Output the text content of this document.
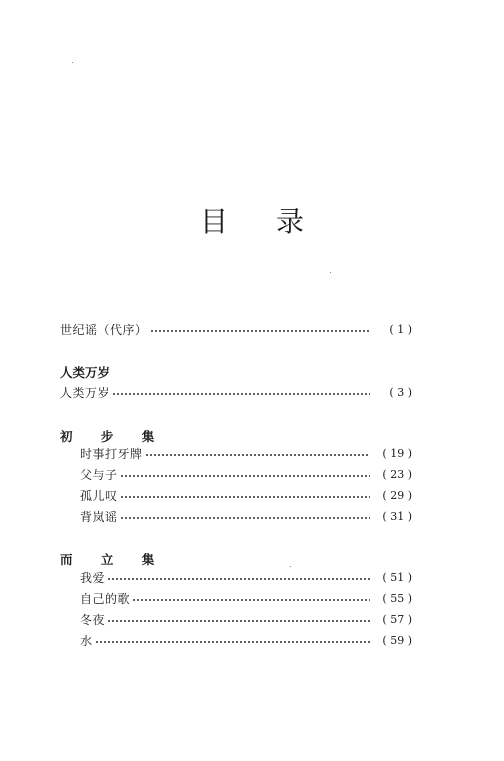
目 录
世纪谣（代序）	( 1 )
人类万岁
人类万岁	( 3 )
初 步 集
时事打牙牌	( 19 )
父与子	( 23 )
孤儿叹	( 29 )
背岚谣	( 31 )
而 立 集
我爱	( 51 )
自己的歌	( 55 )
冬夜	( 57 )
水	( 59 )
